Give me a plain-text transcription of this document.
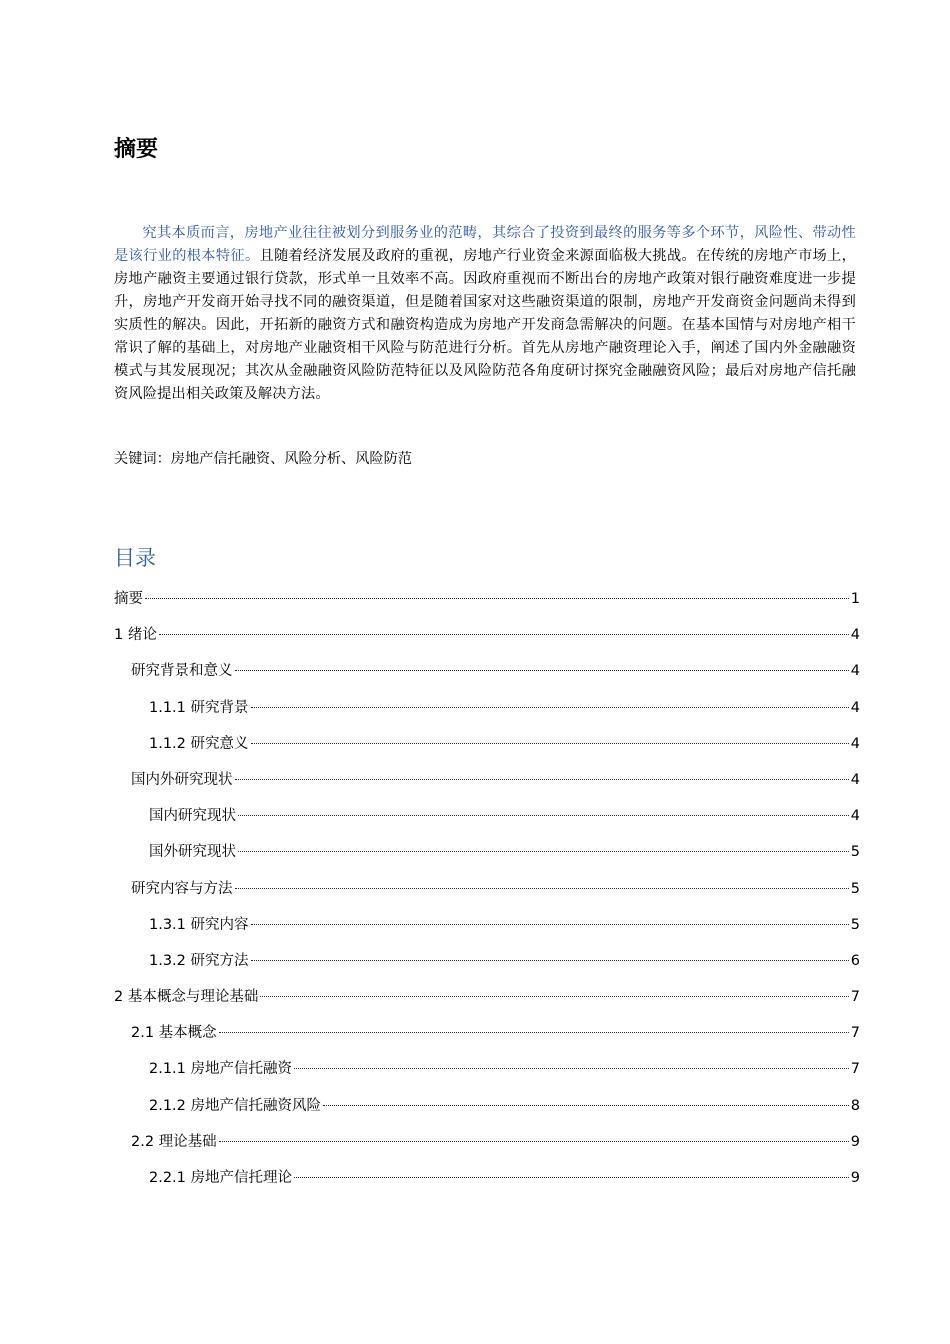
摘要
究其本质而言，房地产业往往被划分到服务业的范畴，其综合了投资到最终的服务等多个环节，风险性、带动性是该行业的根本特征。且随着经济发展及政府的重视，房地产行业资金来源面临极大挑战。在传统的房地产市场上，房地产融资主要通过银行贷款，形式单一且效率不高。因政府重视而不断出台的房地产政策对银行融资难度进一步提升，房地产开发商开始寻找不同的融资渠道，但是随着国家对这些融资渠道的限制，房地产开发商资金问题尚未得到实质性的解决。因此，开拓新的融资方式和融资构造成为房地产开发商急需解决的问题。在基本国情与对房地产相干常识了解的基础上，对房地产业融资相干风险与防范进行分析。首先从房地产融资理论入手，阐述了国内外金融融资模式与其发展现况；其次从金融融资风险防范特征以及风险防范各角度研讨探究金融融资风险；最后对房地产信托融资风险提出相关政策及解决方法。
关键词：房地产信托融资、风险分析、风险防范
目录
摘要	1
1 绪论	4
研究背景和意义	4
1.1.1 研究背景	4
1.1.2 研究意义	4
国内外研究现状	4
国内研究现状	4
国外研究现状	5
研究内容与方法	5
1.3.1 研究内容	5
1.3.2 研究方法	6
2 基本概念与理论基础	7
2.1 基本概念	7
2.1.1 房地产信托融资	7
2.1.2 房地产信托融资风险	8
2.2 理论基础	9
2.2.1 房地产信托理论	9
